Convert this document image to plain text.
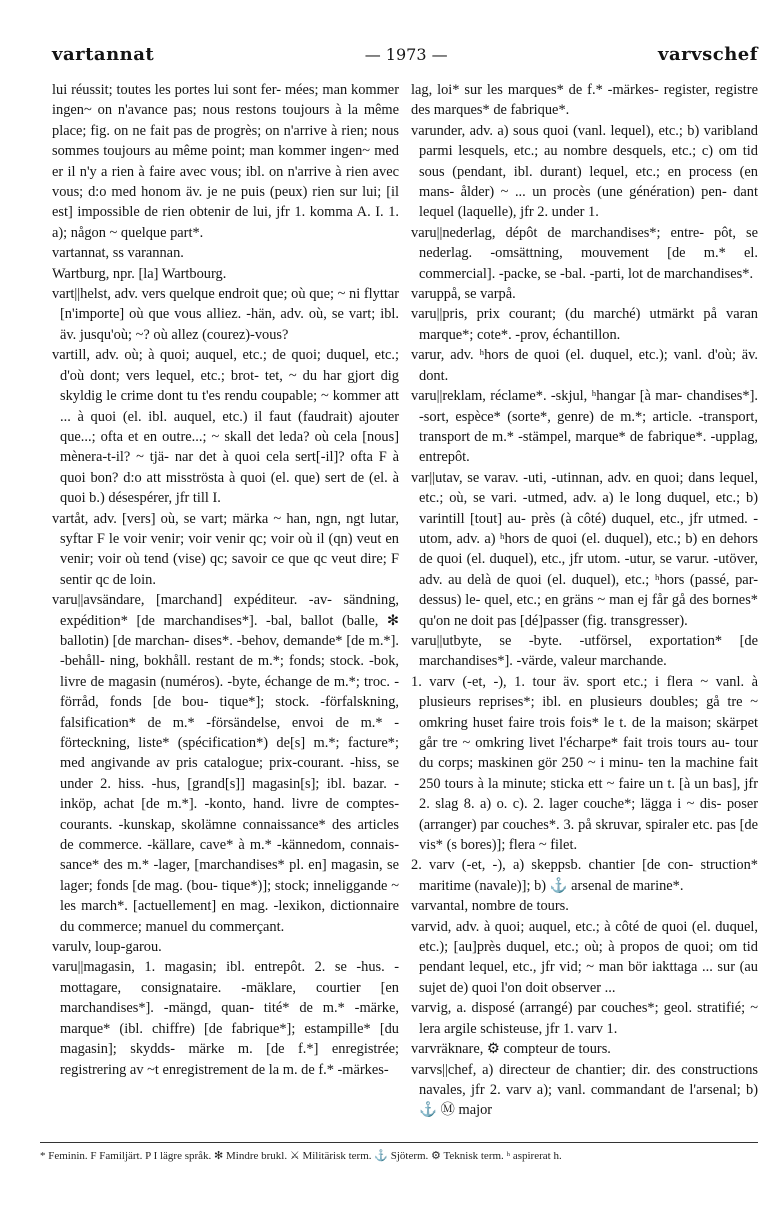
vartannat	— 1973 —	varvschef

lui réussit; toutes les portes lui sont fer- mées; man kommer ingen~ on n'avance pas; nous restons toujours à la même place; fig. on ne fait pas de progrès; on n'arrive à rien; nous sommes toujours au même point; man kommer ingen~ med er il n'y a rien à faire avec vous; ibl. on n'arrive à rien avec vous; d:o med honom äv. je ne puis (peux) rien sur lui; [il est] impossible de rien obtenir de lui, jfr 1. komma A. I. 1. a); någon ~ quelque part*.

vartannat, ss varannan.

Wartburg, npr. [la] Wartbourg.

vart||helst, adv. vers quelque endroit que; où que; ~ ni flyttar [n'importe] où que vous alliez. -hän, adv. où, se vart; ibl. äv. jusqu'où; ~? où allez (courez)-vous?

vartill, adv. où; à quoi; auquel, etc.; de quoi; duquel, etc.; d'où dont; vers lequel, etc.; brot- tet, ~ du har gjort dig skyldig le crime dont tu t'es rendu coupable; ~ kommer att ... à quoi (el. ibl. auquel, etc.) il faut (faudrait) ajouter que...; ofta et en outre...; ~ skall det leda? où cela [nous] mènera-t-il? ~ tjä- nar det à quoi cela sert[-il]? ofta F à quoi bon? d:o att misströsta à quoi (el. que) sert de (el. à quoi b.) désespérer, jfr till I.

vartåt, adv. [vers] où, se vart; märka ~ han, ngn, ngt lutar, syftar F le voir venir; voir venir qc; voir où il (qn) veut en venir; voir où tend (vise) qc; savoir ce que qc veut dire; F sentir qc de loin.

varu||avsändare, [marchand] expéditeur. -av- sändning, expédition* [de marchandises*]. -bal, ballot (balle, ✻ ballotin) [de marchan- dises*. -behov, demande* [de m.*]. -behåll- ning, bokhåll. restant de m.*; fonds; stock. -bok, livre de magasin (numéros). -byte, échange de m.*; troc. -förråd, fonds [de bou- tique*]; stock. -förfalskning, falsification* de m.* -försändelse, envoi de m.* -förteckning, liste* (spécification*) de[s] m.*; facture*; med angivande av pris catalogue; prix-courant. -hiss, se under 2. hiss. -hus, [grand[s]] magasin[s]; ibl. bazar. -inköp, achat [de m.*]. -konto, hand. livre de comptes-courants. -kunskap, skolämne connaissance* des articles de commerce. -källare, cave* à m.* -kännedom, connais- sance* des m.* -lager, [marchandises* pl. en] magasin, se lager; fonds [de mag. (bou- tique*)]; stock; inneliggande ~ les march*. [actuellement] en mag. -lexikon, dictionnaire du commerce; manuel du commerçant.

varulv, loup-garou.

varu||magasin, 1. magasin; ibl. entrepôt. 2. se -hus. -mottagare, consignataire. -mäklare, courtier [en marchandises*]. -mängd, quan- tité* de m.* -märke, marque* (ibl. chiffre) [de fabrique*]; estampille* [du magasin]; skydds- märke m. [de f.*] enregistrée; registrering av ~t enregistrement de la m. de f.* -märkes-

lag, loi* sur les marques* de f.* -märkes- register, registre des marques* de fabrique*.

varunder, adv. a) sous quoi (vanl. lequel), etc.; b) varibland parmi lesquels, etc.; au nombre desquels, etc.; c) om tid sous (pendant, ibl. durant) lequel, etc.; en process (en mans- ålder) ~ ... un procès (une génération) pen- dant lequel (laquelle), jfr 2. under 1.

varu||nederlag, dépôt de marchandises*; entre- pôt, se nederlag. -omsättning, mouvement [de m.* el. commercial]. -packe, se -bal. -parti, lot de marchandises*.

varuppå, se varpå.

varu||pris, prix courant; (du marché) utmärkt på varan marque*; cote*. -prov, échantillon.

varur, adv. ʰhors de quoi (el. duquel, etc.); vanl. d'où; äv. dont.

varu||reklam, réclame*. -skjul, ʰhangar [à mar- chandises*]. -sort, espèce* (sorte*, genre) de m.*; article. -transport, transport de m.* -stämpel, marque* de fabrique*. -upplag, entrepôt.

var||utav, se varav. -uti, -utinnan, adv. en quoi; dans lequel, etc.; où, se vari. -utmed, adv. a) le long duquel, etc.; b) varintill [tout] au- près (à côté) duquel, etc., jfr utmed. -utom, adv. a) ʰhors de quoi (el. duquel), etc.; b) en dehors de quoi (el. duquel), etc., jfr utom. -utur, se varur. -utöver, adv. au delà de quoi (el. duquel), etc.; ʰhors (passé, par-dessus) le- quel, etc.; en gräns ~ man ej får gå des bornes* qu'on ne doit pas [dé]passer (fig. transgresser).

varu||utbyte, se -byte. -utförsel, exportation* [de marchandises*]. -värde, valeur marchande.

1. varv (-et, -), 1. tour äv. sport etc.; i flera ~ vanl. à plusieurs reprises*; ibl. en plusieurs doubles; gå tre ~ omkring huset faire trois fois* le t. de la maison; skärpet går tre ~ omkring livet l'écharpe* fait trois tours au- tour du corps; maskinen gör 250 ~ i minu- ten la machine fait 250 tours à la minute; sticka ett ~ faire un t. [à un bas], jfr 2. slag 8. a) o. c). 2. lager couche*; lägga i ~ dis- poser (arranger) par couches*. 3. på skruvar, spiraler etc. pas [de vis* (s bores)]; flera ~ filet.

2. varv (-et, -), a) skeppsb. chantier [de con- struction* maritime (navale)]; b) ⚓ arsenal de marine*.

varvantal, nombre de tours.

varvid, adv. à quoi; auquel, etc.; à côté de quoi (el. duquel, etc.); [au]près duquel, etc.; où; à propos de quoi; om tid pendant lequel, etc., jfr vid; ~ man bör iakttaga ... sur (au sujet de) quoi l'on doit observer ...

varvig, a. disposé (arrangé) par couches*; geol. stratifié; ~ lera argile schisteuse, jfr 1. varv 1.

varvräknare, ⚙ compteur de tours.

varvs||chef, a) directeur de chantier; dir. des constructions navales, jfr 2. varv a); vanl. commandant de l'arsenal; b) ⚓ Ⓜ major

* Feminin. F Familjärt. P I lägre språk. ✻ Mindre brukl. ⚔ Militärisk term. ⚓ Sjöterm. ⚙ Teknisk term. ʰ aspirerat h.
